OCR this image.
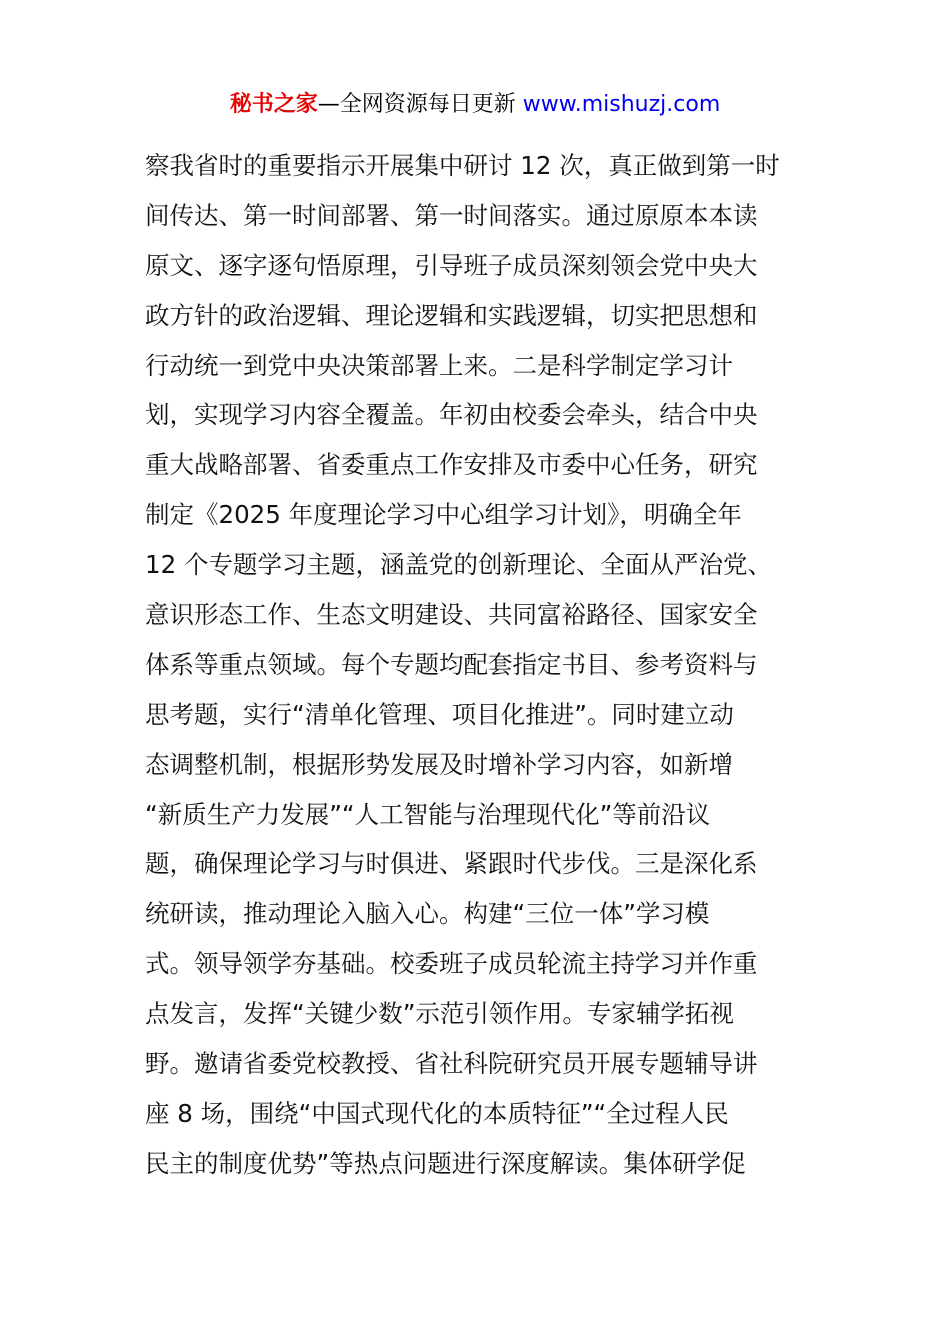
秘书之家—全网资源每日更新 www.mishuzj.com
察我省时的重要指示开展集中研讨 12 次，真正做到第一时
间传达、第一时间部署、第一时间落实。通过原原本本读
原文、逐字逐句悟原理，引导班子成员深刻领会党中央大
政方针的政治逻辑、理论逻辑和实践逻辑，切实把思想和
行动统一到党中央决策部署上来。二是科学制定学习计
划，实现学习内容全覆盖。年初由校委会牵头，结合中央
重大战略部署、省委重点工作安排及市委中心任务，研究
制定《2025 年度理论学习中心组学习计划》，明确全年
12 个专题学习主题，涵盖党的创新理论、全面从严治党、
意识形态工作、生态文明建设、共同富裕路径、国家安全
体系等重点领域。每个专题均配套指定书目、参考资料与
思考题，实行“清单化管理、项目化推进”。同时建立动
态调整机制，根据形势发展及时增补学习内容，如新增
“新质生产力发展”“人工智能与治理现代化”等前沿议
题，确保理论学习与时俱进、紧跟时代步伐。三是深化系
统研读，推动理论入脑入心。构建“三位一体”学习模
式。领导领学夯基础。校委班子成员轮流主持学习并作重
点发言，发挥“关键少数”示范引领作用。专家辅学拓视
野。邀请省委党校教授、省社科院研究员开展专题辅导讲
座 8 场，围绕“中国式现代化的本质特征”“全过程人民
民主的制度优势”等热点问题进行深度解读。集体研学促
